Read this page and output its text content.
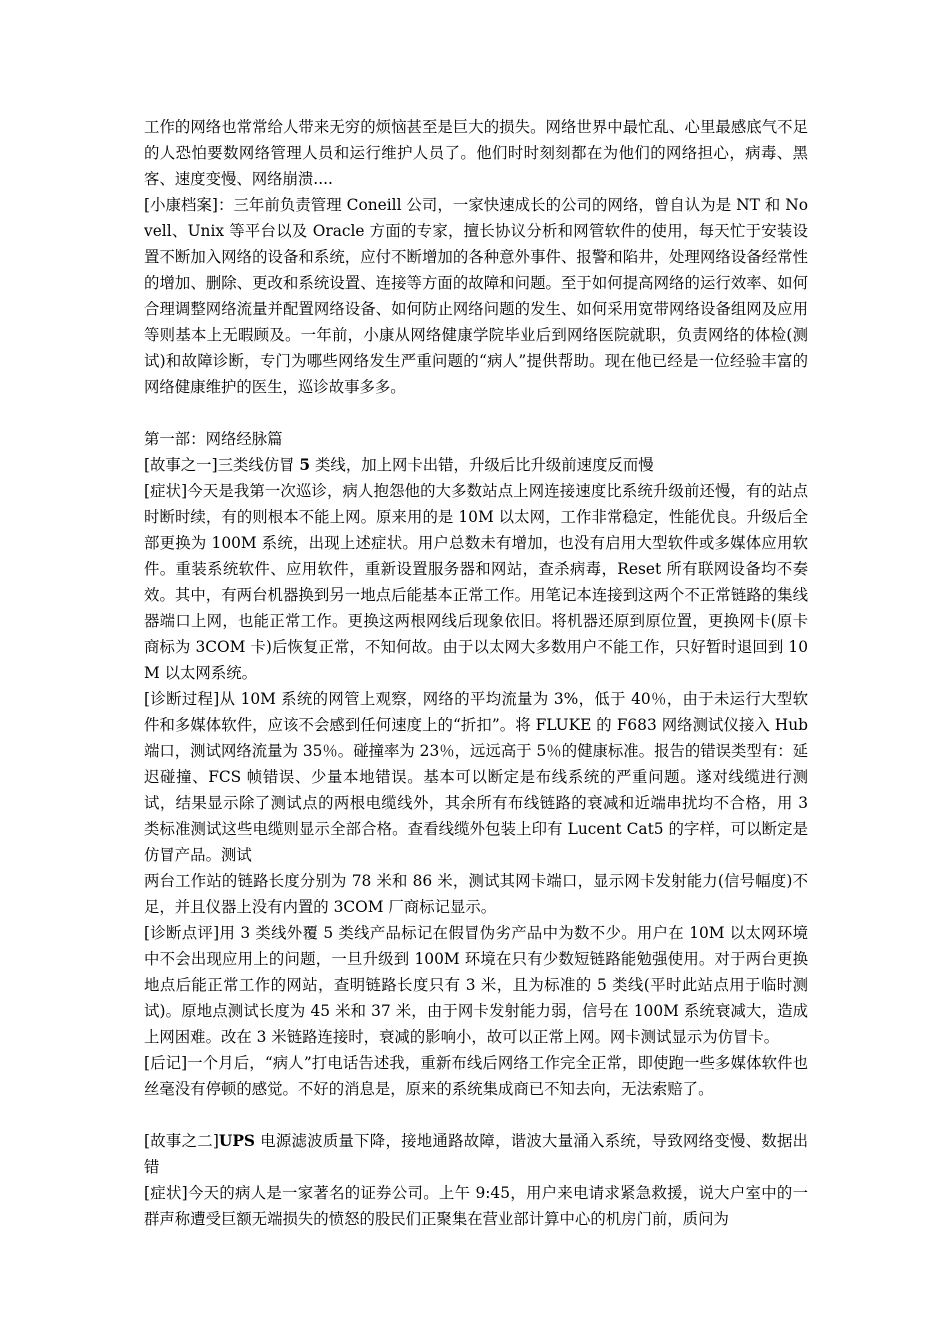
工作的网络也常常给人带来无穷的烦恼甚至是巨大的损失。网络世界中最忙乱、心里最感底气不足的人恐怕要数网络管理人员和运行维护人员了。他们时时刻刻都在为他们的网络担心，病毒、黑客、速度变慢、网络崩溃....

[小康档案]：三年前负责管理 Coneill 公司，一家快速成长的公司的网络，曾自认为是 NT 和 Novell、Unix 等平台以及 Oracle 方面的专家，擅长协议分析和网管软件的使用，每天忙于安装设置不断加入网络的设备和系统，应付不断增加的各种意外事件、报警和陷井，处理网络设备经常性的增加、删除、更改和系统设置、连接等方面的故障和问题。至于如何提高网络的运行效率、如何合理调整网络流量并配置网络设备、如何防止网络问题的发生、如何采用宽带网络设备组网及应用等则基本上无暇顾及。一年前，小康从网络健康学院毕业后到网络医院就职，负责网络的体检(测试)和故障诊断，专门为哪些网络发生严重问题的“病人”提供帮助。现在他已经是一位经验丰富的网络健康维护的医生，巡诊故事多多。

第一部：网络经脉篇

[故事之一]三类线仿冒 5 类线，加上网卡出错，升级后比升级前速度反而慢

[症状]今天是我第一次巡诊，病人抱怨他的大多数站点上网连接速度比系统升级前还慢，有的站点时断时续，有的则根本不能上网。原来用的是 10M 以太网，工作非常稳定，性能优良。升级后全部更换为 100M 系统，出现上述症状。用户总数未有增加，也没有启用大型软件或多媒体应用软件。重装系统软件、应用软件，重新设置服务器和网站，查杀病毒，Reset 所有联网设备均不奏效。其中，有两台机器换到另一地点后能基本正常工作。用笔记本连接到这两个不正常链路的集线器端口上网，也能正常工作。更换这两根网线后现象依旧。将机器还原到原位置，更换网卡(原卡商标为 3COM 卡)后恢复正常，不知何故。由于以太网大多数用户不能工作，只好暂时退回到 10M 以太网系统。

[诊断过程]从 10M 系统的网管上观察，网络的平均流量为 3%，低于 40％，由于未运行大型软件和多媒体软件，应该不会感到任何速度上的“折扣”。将 FLUKE 的 F683 网络测试仪接入 Hub 端口，测试网络流量为 35％。碰撞率为 23％，远远高于 5％的健康标准。报告的错误类型有：延迟碰撞、FCS 帧错误、少量本地错误。基本可以断定是布线系统的严重问题。遂对线缆进行测试，结果显示除了测试点的两根电缆线外，其余所有布线链路的衰减和近端串扰均不合格，用 3 类标准测试这些电缆则显示全部合格。查看线缆外包装上印有 Lucent Cat5 的字样，可以断定是仿冒产品。测试

两台工作站的链路长度分别为 78 米和 86 米，测试其网卡端口，显示网卡发射能力(信号幅度)不足，并且仪器上没有内置的 3COM 厂商标记显示。

[诊断点评]用 3 类线外覆 5 类线产品标记在假冒伪劣产品中为数不少。用户在 10M 以太网环境中不会出现应用上的问题，一旦升级到 100M 环境在只有少数短链路能勉强使用。对于两台更换地点后能正常工作的网站，查明链路长度只有 3 米，且为标准的 5 类线(平时此站点用于临时测试)。原地点测试长度为 45 米和 37 米，由于网卡发射能力弱，信号在 100M 系统衰减大，造成上网困难。改在 3 米链路连接时，衰减的影响小，故可以正常上网。网卡测试显示为仿冒卡。

[后记]一个月后，“病人”打电话告述我，重新布线后网络工作完全正常，即使跑一些多媒体软件也丝毫没有停顿的感觉。不好的消息是，原来的系统集成商已不知去向，无法索赔了。

[故事之二]UPS 电源滤波质量下降，接地通路故障，谐波大量涌入系统，导致网络变慢、数据出错

[症状]今天的病人是一家著名的证券公司。上午 9:45，用户来电请求紧急救援，说大户室中的一群声称遭受巨额无端损失的愤怒的股民们正聚集在营业部计算中心的机房门前，质问为
